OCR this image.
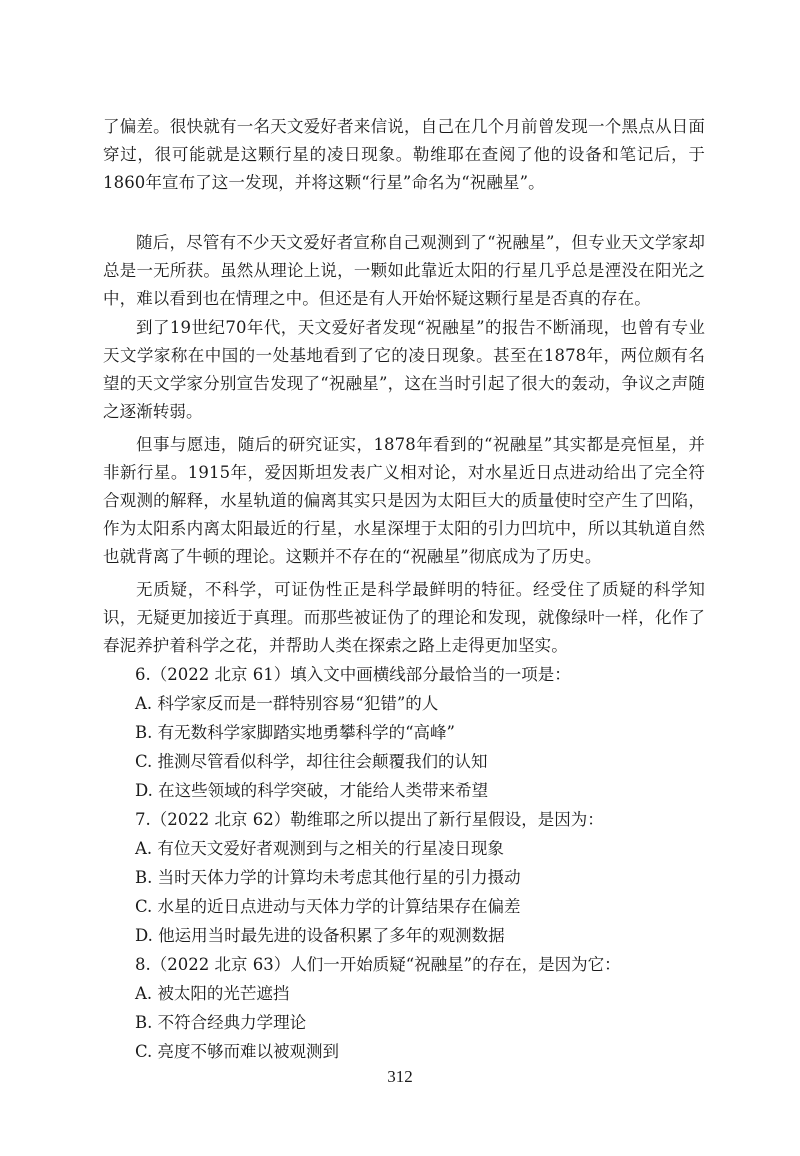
了偏差。很快就有一名天文爱好者来信说，自己在几个月前曾发现一个黑点从日面穿过，很可能就是这颗行星的凌日现象。勒维耶在查阅了他的设备和笔记后，于1860年宣布了这一发现，并将这颗“行星”命名为“祝融星”。

随后，尽管有不少天文爱好者宣称自己观测到了“祝融星”，但专业天文学家却总是一无所获。虽然从理论上说，一颗如此靠近太阳的行星几乎总是湮没在阳光之中，难以看到也在情理之中。但还是有人开始怀疑这颗行星是否真的存在。

到了19世纪70年代，天文爱好者发现“祝融星”的报告不断涌现，也曾有专业天文学家称在中国的一处基地看到了它的凌日现象。甚至在1878年，两位颇有名望的天文学家分别宣告发现了“祝融星”，这在当时引起了很大的轰动，争议之声随之逐渐转弱。

但事与愿违，随后的研究证实，1878年看到的“祝融星”其实都是亮恒星，并非新行星。1915年，爱因斯坦发表广义相对论，对水星近日点进动给出了完全符合观测的解释，水星轨道的偏离其实只是因为太阳巨大的质量使时空产生了凹陷，作为太阳系内离太阳最近的行星，水星深埋于太阳的引力凹坑中，所以其轨道自然也就背离了牛顿的理论。这颗并不存在的“祝融星”彻底成为了历史。

无质疑，不科学，可证伪性正是科学最鲜明的特征。经受住了质疑的科学知识，无疑更加接近于真理。而那些被证伪了的理论和发现，就像绿叶一样，化作了春泥养护着科学之花，并帮助人类在探索之路上走得更加坚实。

6.（2022 北京 61）填入文中画横线部分最恰当的一项是：

A. 科学家反而是一群特别容易“犯错”的人

B. 有无数科学家脚踏实地勇攀科学的“高峰”

C. 推测尽管看似科学，却往往会颠覆我们的认知

D. 在这些领域的科学突破，才能给人类带来希望

7.（2022 北京 62）勒维耶之所以提出了新行星假设，是因为：

A. 有位天文爱好者观测到与之相关的行星凌日现象

B. 当时天体力学的计算均未考虑其他行星的引力摄动

C. 水星的近日点进动与天体力学的计算结果存在偏差

D. 他运用当时最先进的设备积累了多年的观测数据

8.（2022 北京 63）人们一开始质疑“祝融星”的存在，是因为它：

A. 被太阳的光芒遮挡

B. 不符合经典力学理论

C. 亮度不够而难以被观测到

312
